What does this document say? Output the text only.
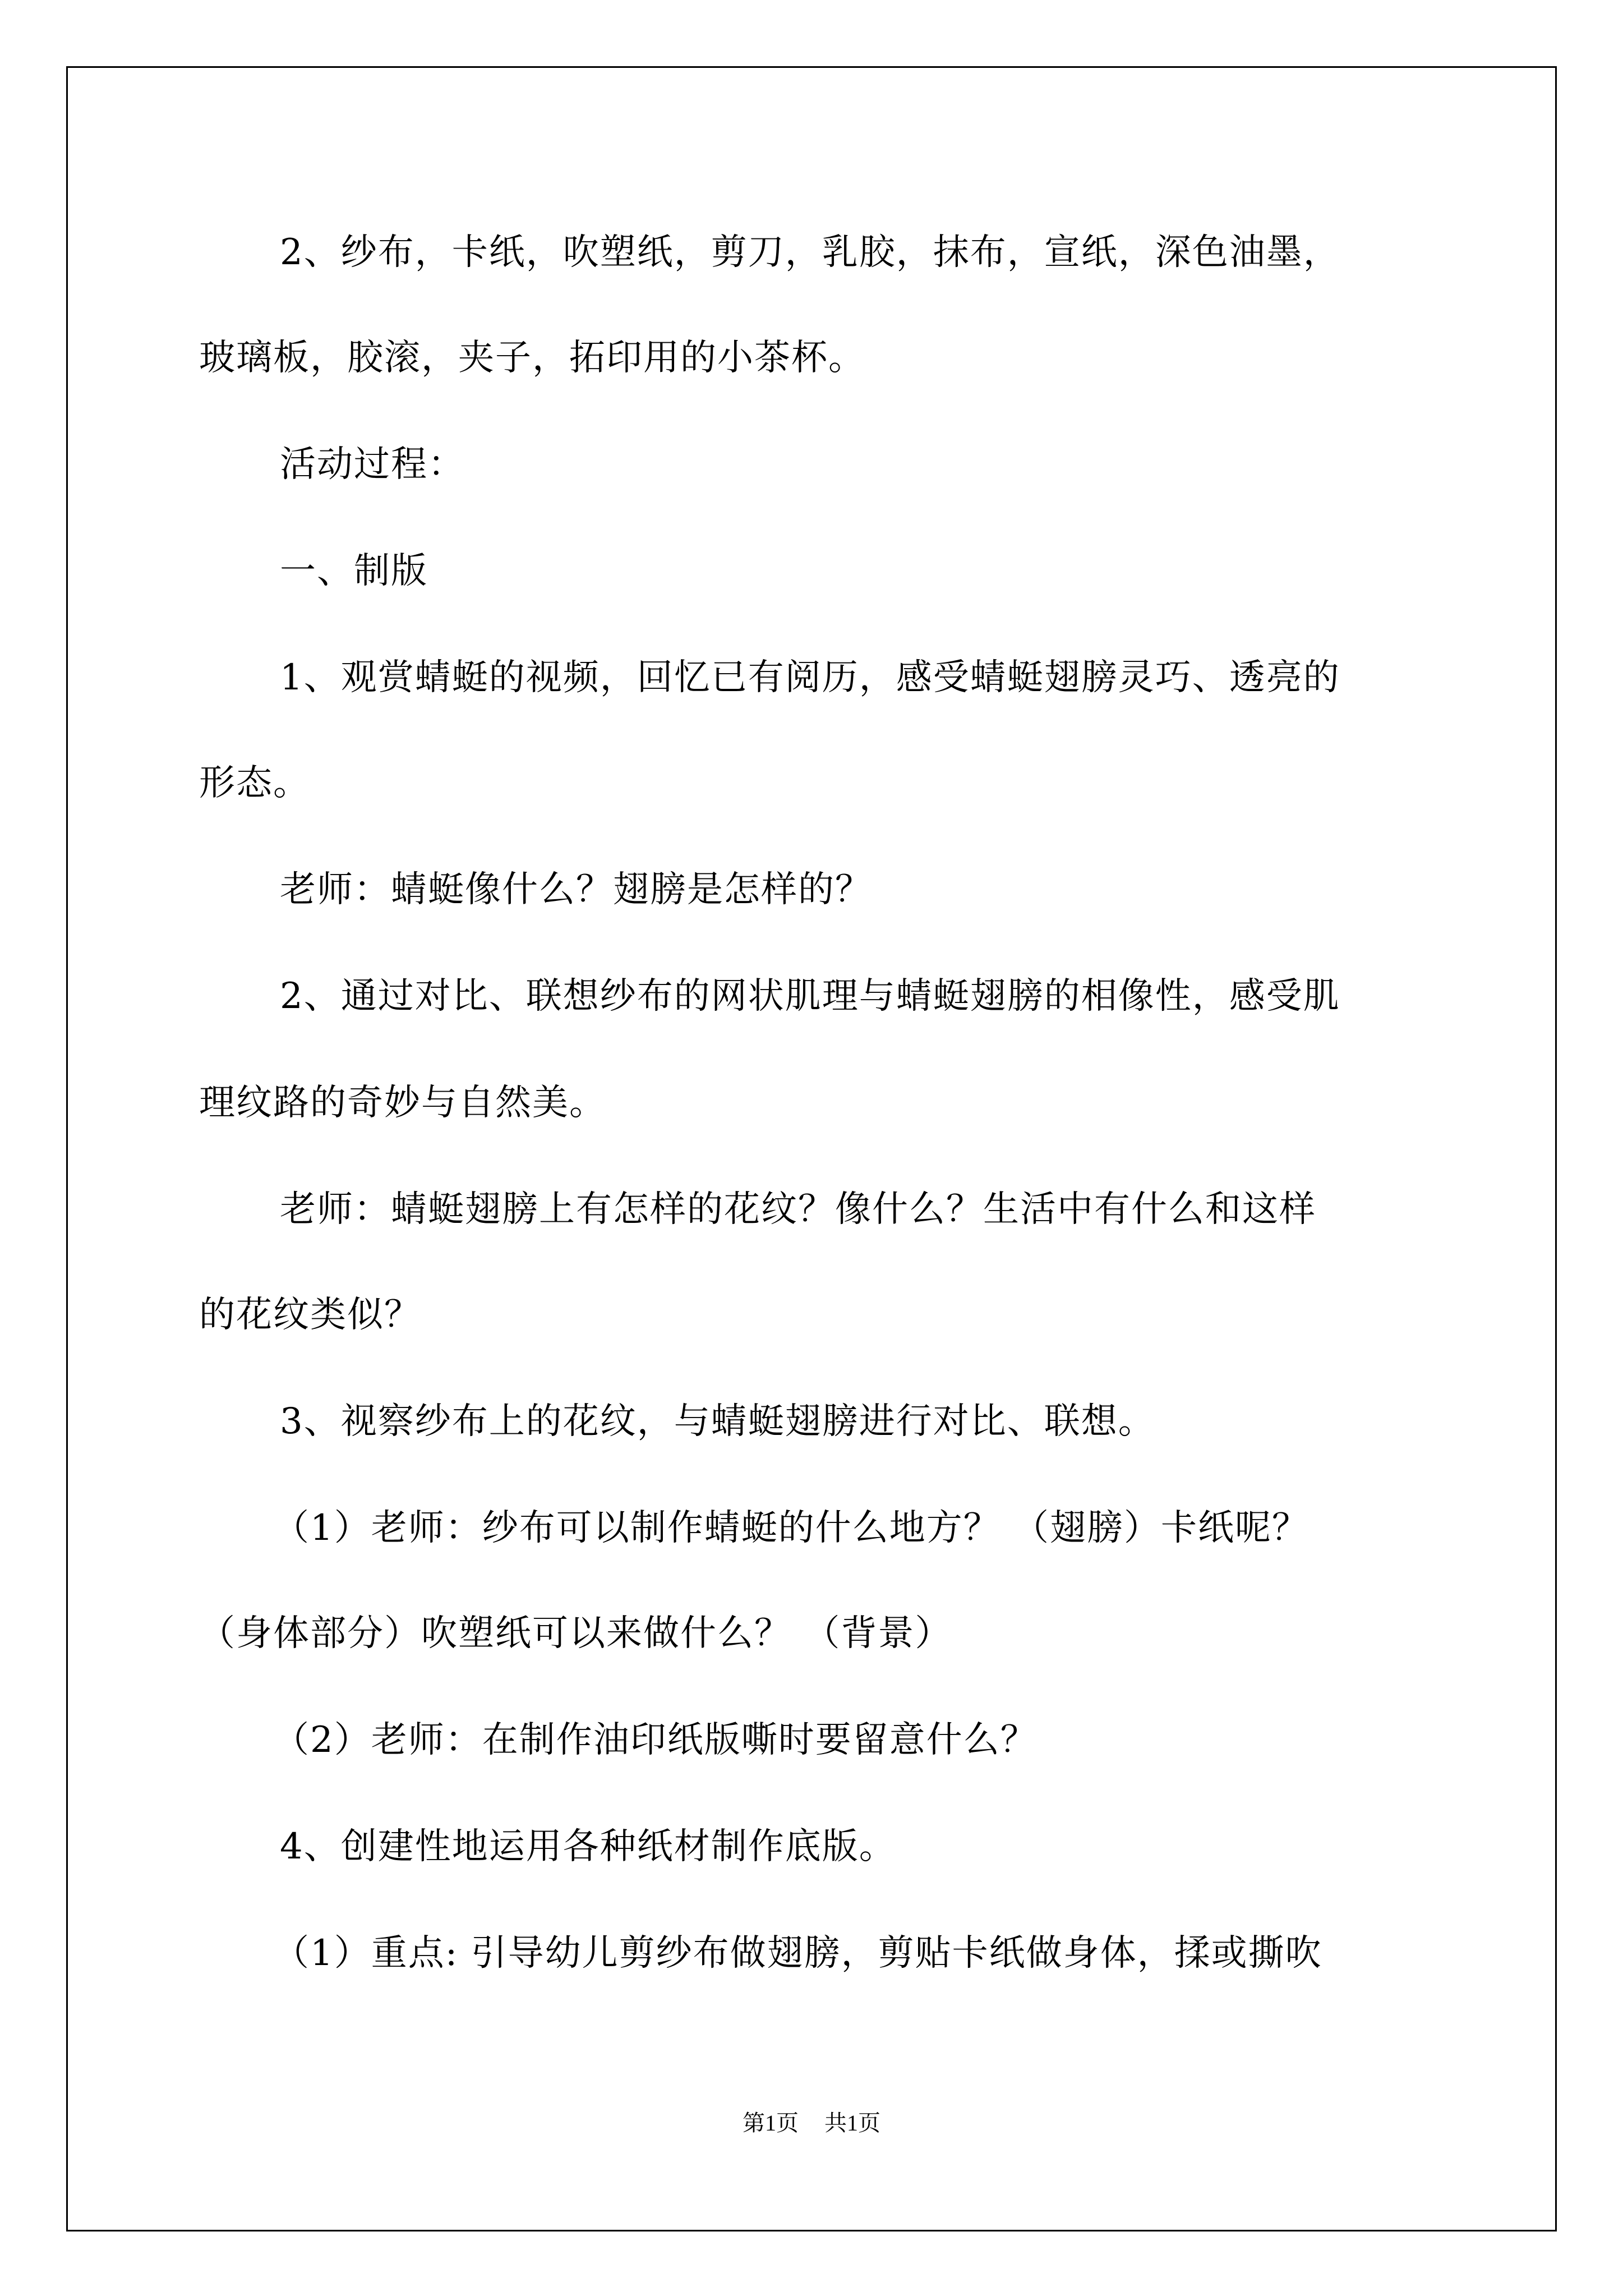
2、纱布，卡纸，吹塑纸，剪刀，乳胶，抹布，宣纸，深色油墨，
玻璃板，胶滚，夹子，拓印用的小茶杯。
活动过程：
一、制版
1、观赏蜻蜓的视频，回忆已有阅历，感受蜻蜓翅膀灵巧、透亮的
形态。
老师：蜻蜓像什么？翅膀是怎样的？
2、通过对比、联想纱布的网状肌理与蜻蜓翅膀的相像性，感受肌
理纹路的奇妙与自然美。
老师：蜻蜓翅膀上有怎样的花纹？像什么？生活中有什么和这样
的花纹类似？
3、视察纱布上的花纹，与蜻蜓翅膀进行对比、联想。
（1）老师：纱布可以制作蜻蜓的什么地方？ （翅膀）卡纸呢？
（身体部分）吹塑纸可以来做什么？ （背景）
（2）老师：在制作油印纸版嘶时要留意什么？
4、创建性地运用各种纸材制作底版。
（1）重点: 引导幼儿剪纱布做翅膀，剪贴卡纸做身体，揉或撕吹
第1页 共1页
